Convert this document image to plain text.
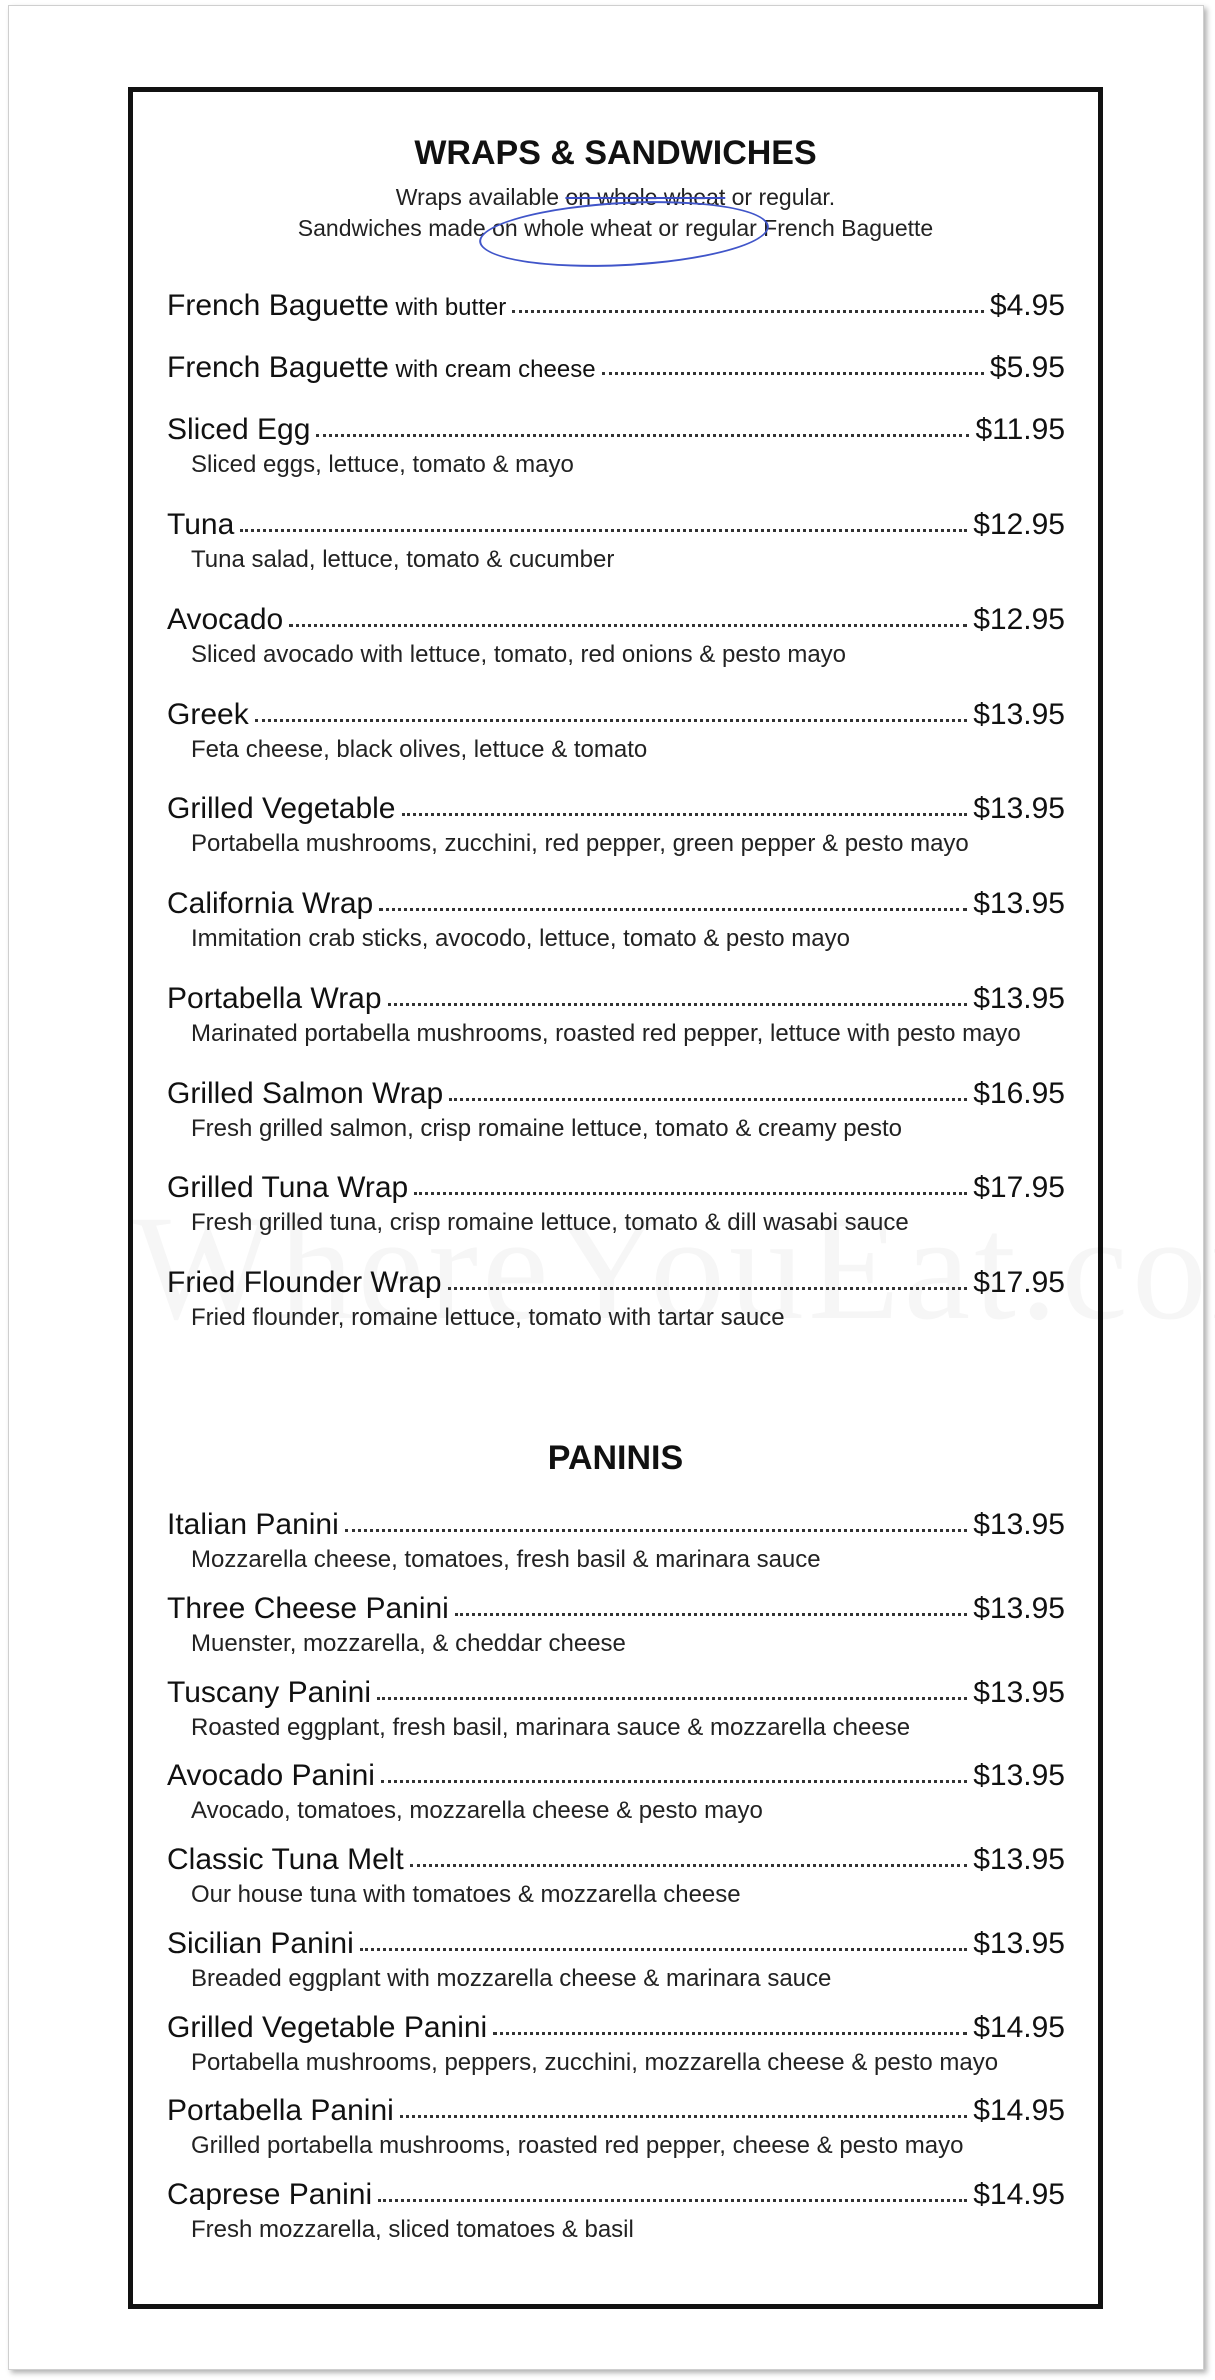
WRAPS & SANDWICHES
Wraps available on whole wheat or regular.
Sandwiches made on whole wheat or regular French Baguette
French Baguette with butter	$4.95
French Baguette with cream cheese	$5.95
Sliced Egg	$11.95
Sliced eggs, lettuce, tomato & mayo
Tuna	$12.95
Tuna salad, lettuce, tomato & cucumber
Avocado	$12.95
Sliced avocado with lettuce, tomato, red onions & pesto mayo
Greek	$13.95
Feta cheese, black olives, lettuce & tomato
Grilled Vegetable	$13.95
Portabella mushrooms, zucchini, red pepper, green pepper & pesto mayo
California Wrap	$13.95
Immitation crab sticks, avocodo, lettuce, tomato & pesto mayo
Portabella Wrap	$13.95
Marinated portabella mushrooms, roasted red pepper, lettuce with pesto mayo
Grilled Salmon Wrap	$16.95
Fresh grilled salmon, crisp romaine lettuce, tomato & creamy pesto
Grilled Tuna Wrap	$17.95
Fresh grilled tuna, crisp romaine lettuce, tomato & dill wasabi sauce
Fried Flounder Wrap	$17.95
Fried flounder, romaine lettuce, tomato with tartar sauce
PANINIS
Italian Panini	$13.95
Mozzarella cheese, tomatoes, fresh basil & marinara sauce
Three Cheese Panini	$13.95
Muenster, mozzarella, & cheddar cheese
Tuscany Panini	$13.95
Roasted eggplant, fresh basil, marinara sauce & mozzarella cheese
Avocado Panini	$13.95
Avocado, tomatoes, mozzarella cheese & pesto mayo
Classic Tuna Melt	$13.95
Our house tuna with tomatoes & mozzarella cheese
Sicilian Panini	$13.95
Breaded eggplant with mozzarella cheese & marinara sauce
Grilled Vegetable Panini	$14.95
Portabella mushrooms, peppers, zucchini, mozzarella cheese & pesto mayo
Portabella Panini	$14.95
Grilled portabella mushrooms, roasted red pepper, cheese & pesto mayo
Caprese Panini	$14.95
Fresh mozzarella, sliced tomatoes & basil
